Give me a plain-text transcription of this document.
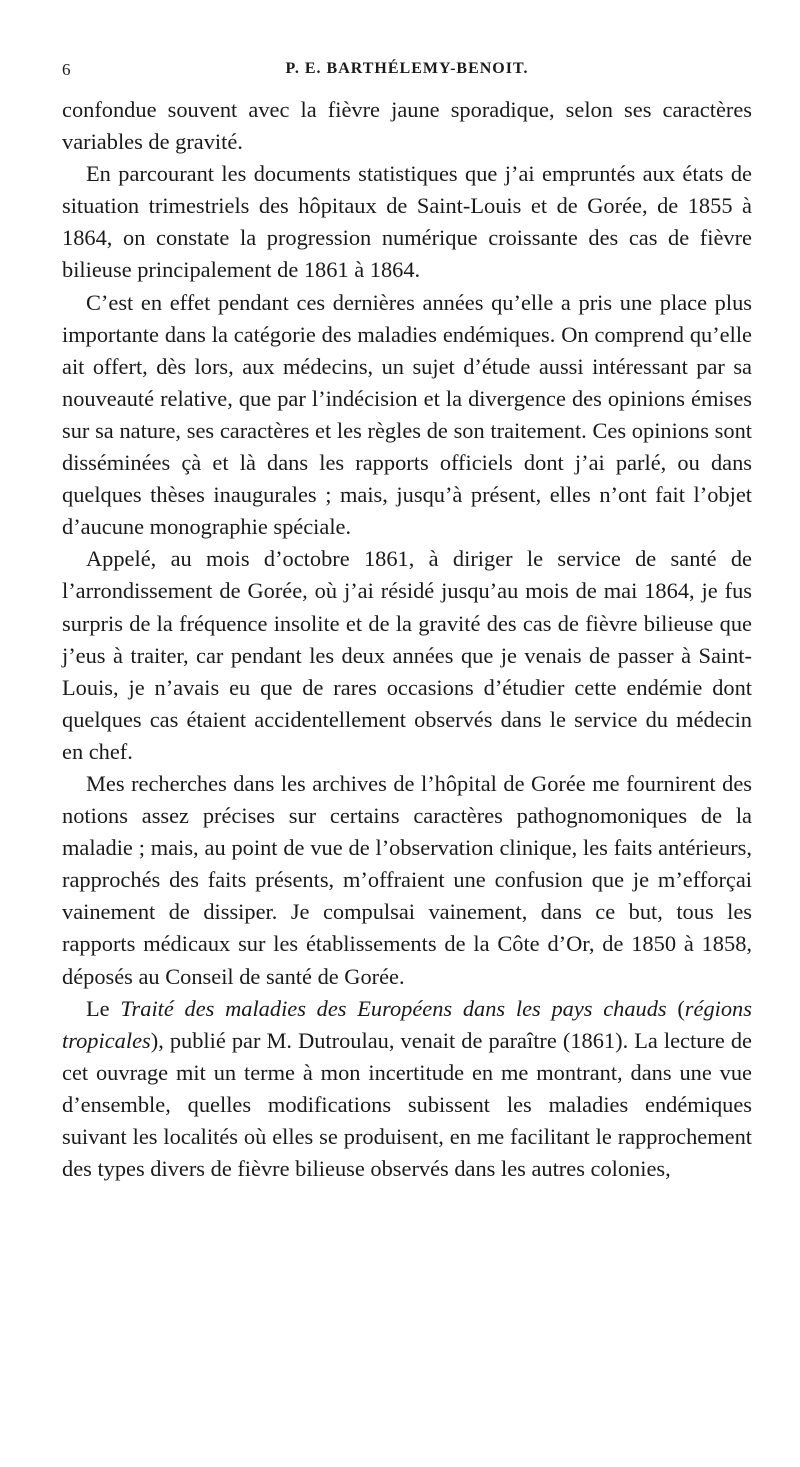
6	P. E. BARTHÉLEMY-BENOIT.

confondue souvent avec la fièvre jaune sporadique, selon ses caractères variables de gravité.

En parcourant les documents statistiques que j’ai empruntés aux états de situation trimestriels des hôpitaux de Saint-Louis et de Gorée, de 1855 à 1864, on constate la progression numérique croissante des cas de fièvre bilieuse principalement de 1861 à 1864.

C’est en effet pendant ces dernières années qu’elle a pris une place plus importante dans la catégorie des maladies endémiques. On comprend qu’elle ait offert, dès lors, aux médecins, un sujet d’étude aussi intéressant par sa nouveauté relative, que par l’indécision et la divergence des opinions émises sur sa nature, ses caractères et les règles de son traitement. Ces opinions sont disséminées çà et là dans les rapports officiels dont j’ai parlé, ou dans quelques thèses inaugurales ; mais, jusqu’à présent, elles n’ont fait l’objet d’aucune monographie spéciale.

Appelé, au mois d’octobre 1861, à diriger le service de santé de l’arrondissement de Gorée, où j’ai résidé jusqu’au mois de mai 1864, je fus surpris de la fréquence insolite et de la gravité des cas de fièvre bilieuse que j’eus à traiter, car pendant les deux années que je venais de passer à Saint-Louis, je n’avais eu que de rares occasions d’étudier cette endémie dont quelques cas étaient accidentellement observés dans le service du médecin en chef.

Mes recherches dans les archives de l’hôpital de Gorée me fournirent des notions assez précises sur certains caractères pathognomoniques de la maladie ; mais, au point de vue de l’observation clinique, les faits antérieurs, rapprochés des faits présents, m’offraient une confusion que je m’efforçai vainement de dissiper. Je compulsai vainement, dans ce but, tous les rapports médicaux sur les établissements de la Côte d’Or, de 1850 à 1858, déposés au Conseil de santé de Gorée.

Le Traité des maladies des Européens dans les pays chauds (régions tropicales), publié par M. Dutroulau, venait de paraître (1861). La lecture de cet ouvrage mit un terme à mon incertitude en me montrant, dans une vue d’ensemble, quelles modifications subissent les maladies endémiques suivant les localités où elles se produisent, en me facilitant le rapprochement des types divers de fièvre bilieuse observés dans les autres colonies,
